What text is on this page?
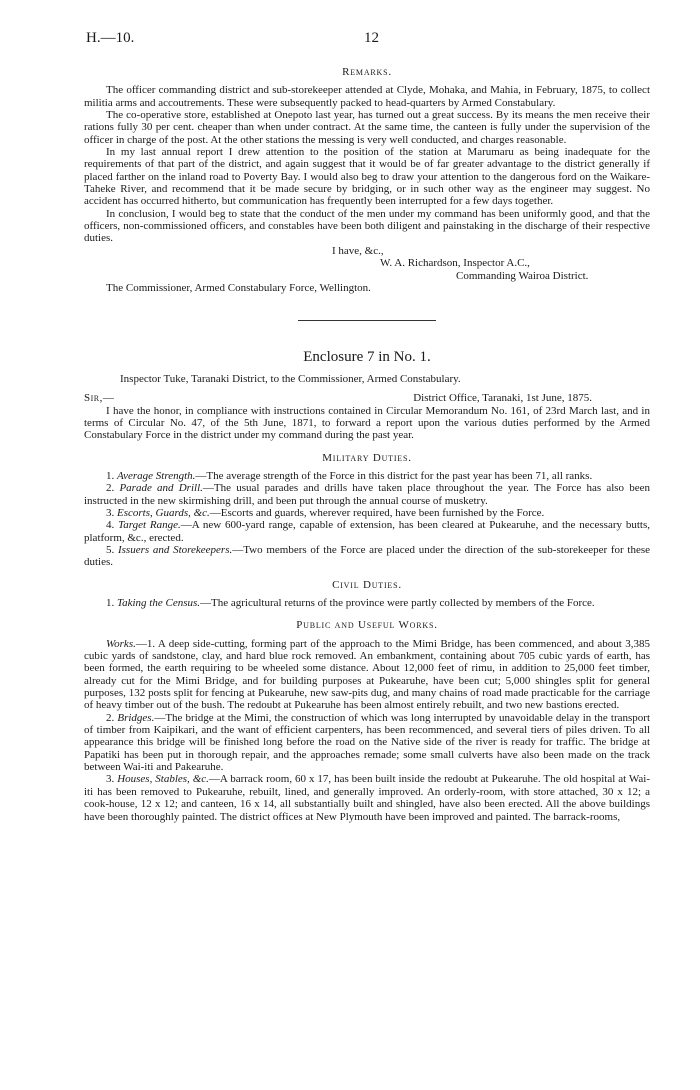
H.—10.	12
Remarks.

The officer commanding district and sub-storekeeper attended at Clyde, Mohaka, and Mahia, in February, 1875, to collect militia arms and accoutrements. These were subsequently packed to head-quarters by Armed Constabulary.

The co-operative store, established at Onepoto last year, has turned out a great success. By its means the men receive their rations fully 30 per cent. cheaper than when under contract. At the same time, the canteen is fully under the supervision of the officer in charge of the post. At the other stations the messing is very well conducted, and charges reasonable.

In my last annual report I drew attention to the position of the station at Marumaru as being inadequate for the requirements of that part of the district, and again suggest that it would be of far greater advantage to the district generally if placed farther on the inland road to Poverty Bay. I would also beg to draw your attention to the dangerous ford on the Waikare-Taheke River, and recommend that it be made secure by bridging, or in such other way as the engineer may suggest. No accident has occurred hitherto, but communication has frequently been interrupted for a few days together.

In conclusion, I would beg to state that the conduct of the men under my command has been uniformly good, and that the officers, non-commissioned officers, and constables have been both diligent and painstaking in the discharge of their respective duties.

I have, &c.,
W. A. Richardson, Inspector A.C.,
Commanding Wairoa District.

The Commissioner, Armed Constabulary Force, Wellington.

Enclosure 7 in No. 1.

Inspector Tuke, Taranaki District, to the Commissioner, Armed Constabulary.

Sir,—	District Office, Taranaki, 1st June, 1875.

I have the honor, in compliance with instructions contained in Circular Memorandum No. 161, of 23rd March last, and in terms of Circular No. 47, of the 5th June, 1871, to forward a report upon the various duties performed by the Armed Constabulary Force in the district under my command during the past year.

Military Duties.

1. Average Strength.—The average strength of the Force in this district for the past year has been 71, all ranks.

2. Parade and Drill.—The usual parades and drills have taken place throughout the year. The Force has also been instructed in the new skirmishing drill, and been put through the annual course of musketry.

3. Escorts, Guards, &c.—Escorts and guards, wherever required, have been furnished by the Force.

4. Target Range.—A new 600-yard range, capable of extension, has been cleared at Pukearuhe, and the necessary butts, platform, &c., erected.

5. Issuers and Storekeepers.—Two members of the Force are placed under the direction of the sub-storekeeper for these duties.

Civil Duties.

1. Taking the Census.—The agricultural returns of the province were partly collected by members of the Force.

Public and Useful Works.

Works.—1. A deep side-cutting, forming part of the approach to the Mimi Bridge, has been commenced, and about 3,385 cubic yards of sandstone, clay, and hard blue rock removed. An embankment, containing about 705 cubic yards of earth, has been formed, the earth requiring to be wheeled some distance. About 12,000 feet of rimu, in addition to 25,000 feet timber, already cut for the Mimi Bridge, and for building purposes at Pukearuhe, have been cut; 5,000 shingles split for general purposes, 132 posts split for fencing at Pukearuhe, new saw-pits dug, and many chains of road made practicable for the carriage of heavy timber out of the bush. The redoubt at Pukearuhe has been almost entirely rebuilt, and two new bastions erected.

2. Bridges.—The bridge at the Mimi, the construction of which was long interrupted by unavoidable delay in the transport of timber from Kaipikari, and the want of efficient carpenters, has been recommenced, and several tiers of piles driven. To all appearance this bridge will be finished long before the road on the Native side of the river is ready for traffic. The bridge at Papatiki has been put in thorough repair, and the approaches remade; some small culverts have also been made on the track between Wai-iti and Pakearuhe.

3. Houses, Stables, &c.—A barrack room, 60 x 17, has been built inside the redoubt at Pukearuhe. The old hospital at Wai-iti has been removed to Pukearuhe, rebuilt, lined, and generally improved. An orderly-room, with store attached, 30 x 12; a cook-house, 12 x 12; and canteen, 16 x 14, all substantially built and shingled, have also been erected. All the above buildings have been thoroughly painted. The district offices at New Plymouth have been improved and painted. The barrack-rooms,
